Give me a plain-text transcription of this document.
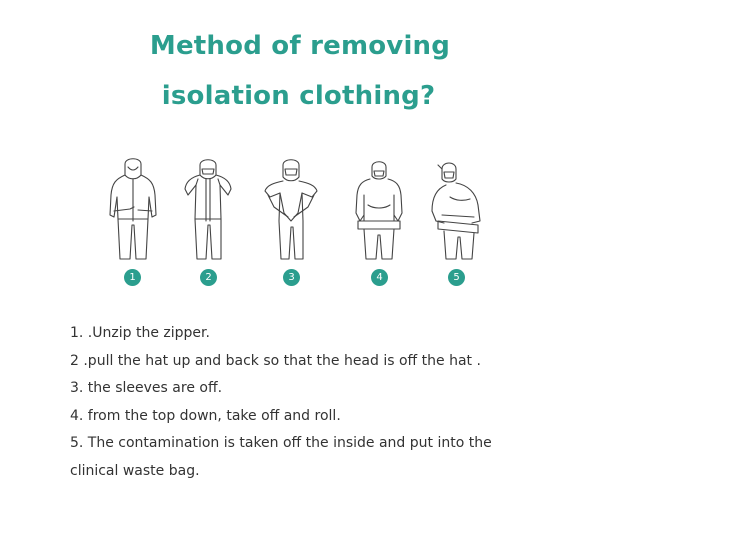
Method of removing
isolation clothing?
1	2	3	4	5
1. .Unzip the zipper.
2 .pull the hat up and back so that the head is off the hat .
3. the sleeves are off.
4. from the top down, take off and roll.
5. The contamination is taken off the inside and put into the clinical waste bag.
